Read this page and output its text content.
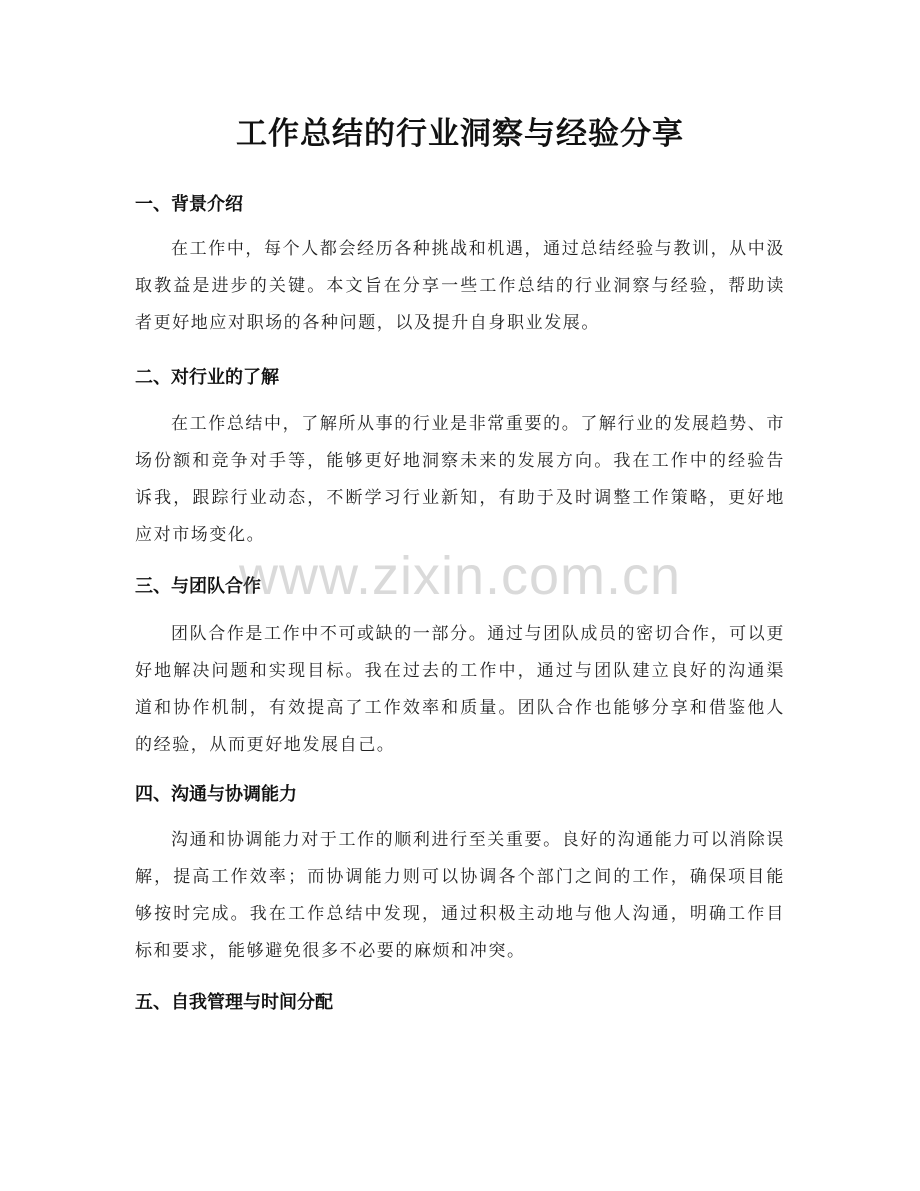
工作总结的行业洞察与经验分享
一、背景介绍

在工作中，每个人都会经历各种挑战和机遇，通过总结经验与教训，从中汲取教益是进步的关键。本文旨在分享一些工作总结的行业洞察与经验，帮助读者更好地应对职场的各种问题，以及提升自身职业发展。

二、对行业的了解

在工作总结中，了解所从事的行业是非常重要的。了解行业的发展趋势、市场份额和竞争对手等，能够更好地洞察未来的发展方向。我在工作中的经验告诉我，跟踪行业动态，不断学习行业新知，有助于及时调整工作策略，更好地应对市场变化。

三、与团队合作

团队合作是工作中不可或缺的一部分。通过与团队成员的密切合作，可以更好地解决问题和实现目标。我在过去的工作中，通过与团队建立良好的沟通渠道和协作机制，有效提高了工作效率和质量。团队合作也能够分享和借鉴他人的经验，从而更好地发展自己。

四、沟通与协调能力

沟通和协调能力对于工作的顺利进行至关重要。良好的沟通能力可以消除误解，提高工作效率；而协调能力则可以协调各个部门之间的工作，确保项目能够按时完成。我在工作总结中发现，通过积极主动地与他人沟通，明确工作目标和要求，能够避免很多不必要的麻烦和冲突。

五、自我管理与时间分配
www.zixin.com.cn
